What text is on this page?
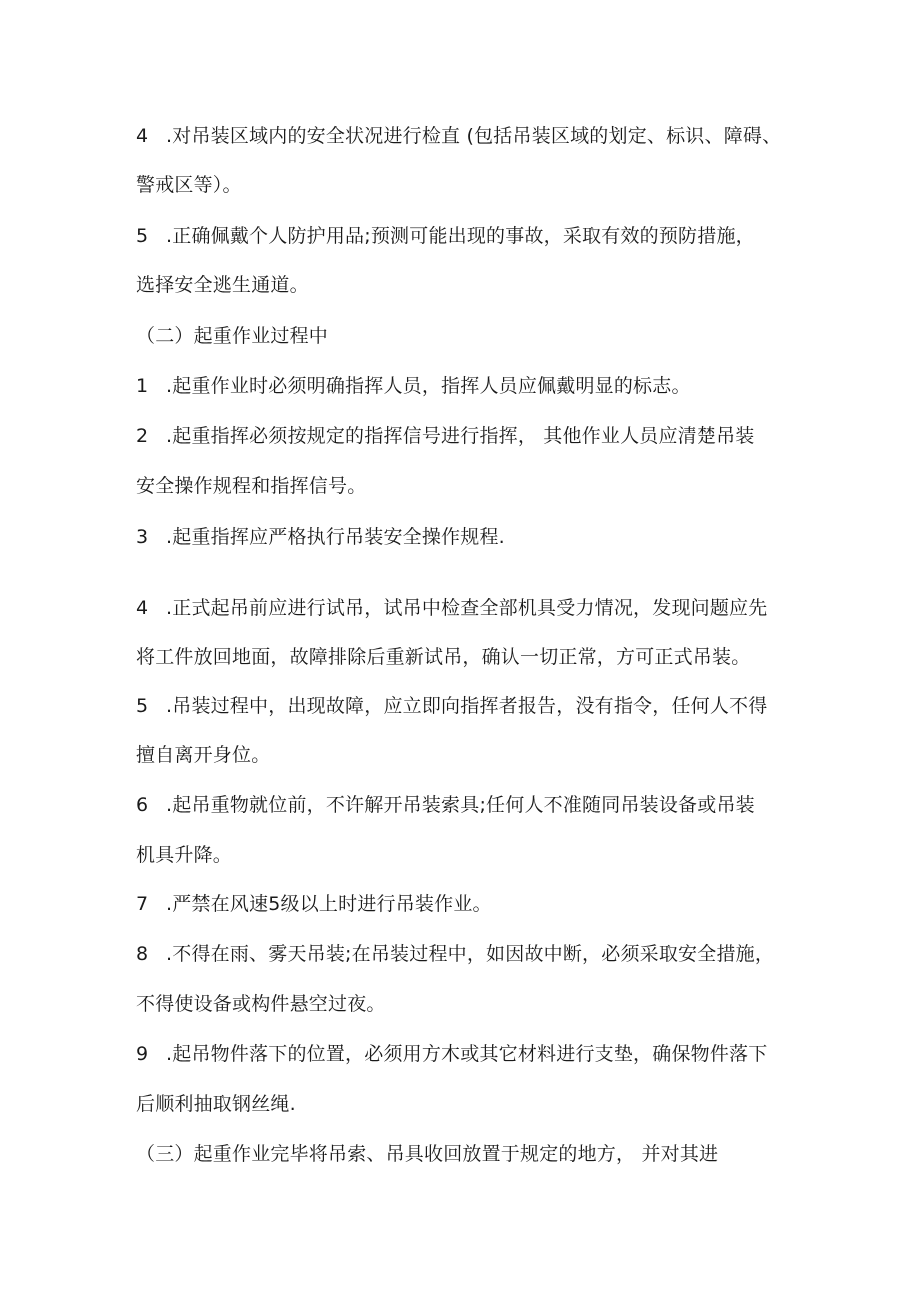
4 .对吊装区域内的安全状况进行检直 (包括吊装区域的划定、标识、障碍、
警戒区等）。
5 .正确佩戴个人防护用品;预测可能出现的事故，采取有效的预防措施，
选择安全逃生通道。
（二）起重作业过程中
1 .起重作业时必须明确指挥人员，指挥人员应佩戴明显的标志。
2 .起重指挥必须按规定的指挥信号进行指挥， 其他作业人员应清楚吊装
安全操作规程和指挥信号。
3 .起重指挥应严格执行吊装安全操作规程.
4 .正式起吊前应进行试吊，试吊中检查全部机具受力情况，发现问题应先
将工件放回地面，故障排除后重新试吊，确认一切正常，方可正式吊装。
5 .吊装过程中，出现故障，应立即向指挥者报告，没有指令，任何人不得
擅自离开身位。
6 .起吊重物就位前，不许解开吊装索具;任何人不准随同吊装设备或吊装
机具升降。
7 .严禁在风速5级以上时进行吊装作业。
8 .不得在雨、雾天吊装;在吊装过程中，如因故中断，必须采取安全措施，
不得使设备或构件悬空过夜。
9 .起吊物件落下的位置，必须用方木或其它材料进行支垫，确保物件落下
后顺利抽取钢丝绳.
（三）起重作业完毕将吊索、吊具收回放置于规定的地方， 并对其进
